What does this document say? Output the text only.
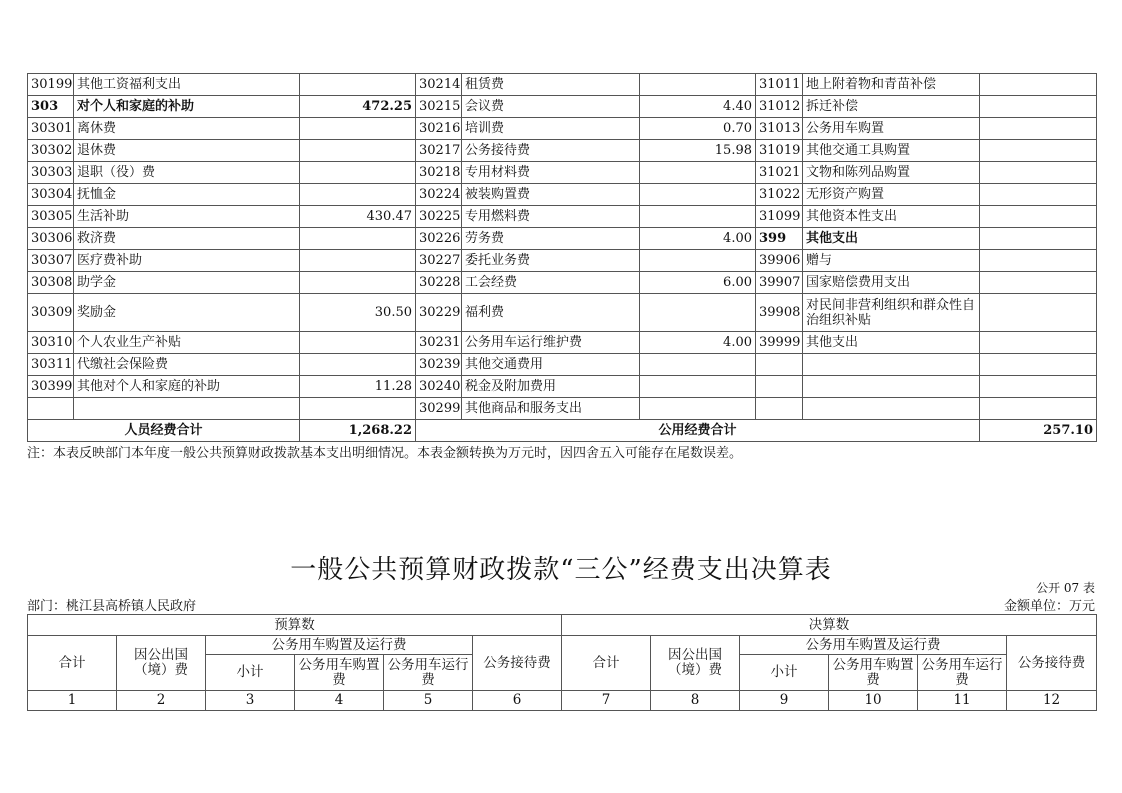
30199	其他工资福利支出		30214	租赁费		31011	地上附着物和青苗补偿	
303	对个人和家庭的补助	472.25	30215	会议费	4.40	31012	拆迁补偿	
30301	离休费		30216	培训费	0.70	31013	公务用车购置	
30302	退休费		30217	公务接待费	15.98	31019	其他交通工具购置	
30303	退职（役）费		30218	专用材料费		31021	文物和陈列品购置	
30304	抚恤金		30224	被装购置费		31022	无形资产购置	
30305	生活补助	430.47	30225	专用燃料费		31099	其他资本性支出	
30306	救济费		30226	劳务费	4.00	399	其他支出	
30307	医疗费补助		30227	委托业务费		39906	赠与	
30308	助学金		30228	工会经费	6.00	39907	国家赔偿费用支出	
30309	奖励金	30.50	30229	福利费		39908	对民间非营利组织和群众性自治组织补贴	
30310	个人农业生产补贴		30231	公务用车运行维护费	4.00	39999	其他支出	
30311	代缴社会保险费		30239	其他交通费用				
30399	其他对个人和家庭的补助	11.28	30240	税金及附加费用				
			30299	其他商品和服务支出				
人员经费合计		1,268.22	公用经费合计					257.10
注：本表反映部门本年度一般公共预算财政拨款基本支出明细情况。本表金额转换为万元时，因四舍五入可能存在尾数误差。
一般公共预算财政拨款“三公”经费支出决算表
公开 07 表
部门：桃江县高桥镇人民政府	金额单位：万元
预算数						决算数					
合计	因公出国（境）费	公务用车购置及运行费			公务接待费	合计	因公出国（境）费	公务用车购置及运行费			公务接待费
		小计	公务用车购置费	公务用车运行费				小计	公务用车购置费	公务用车运行费	
1	2	3	4	5	6	7	8	9	10	11	12
